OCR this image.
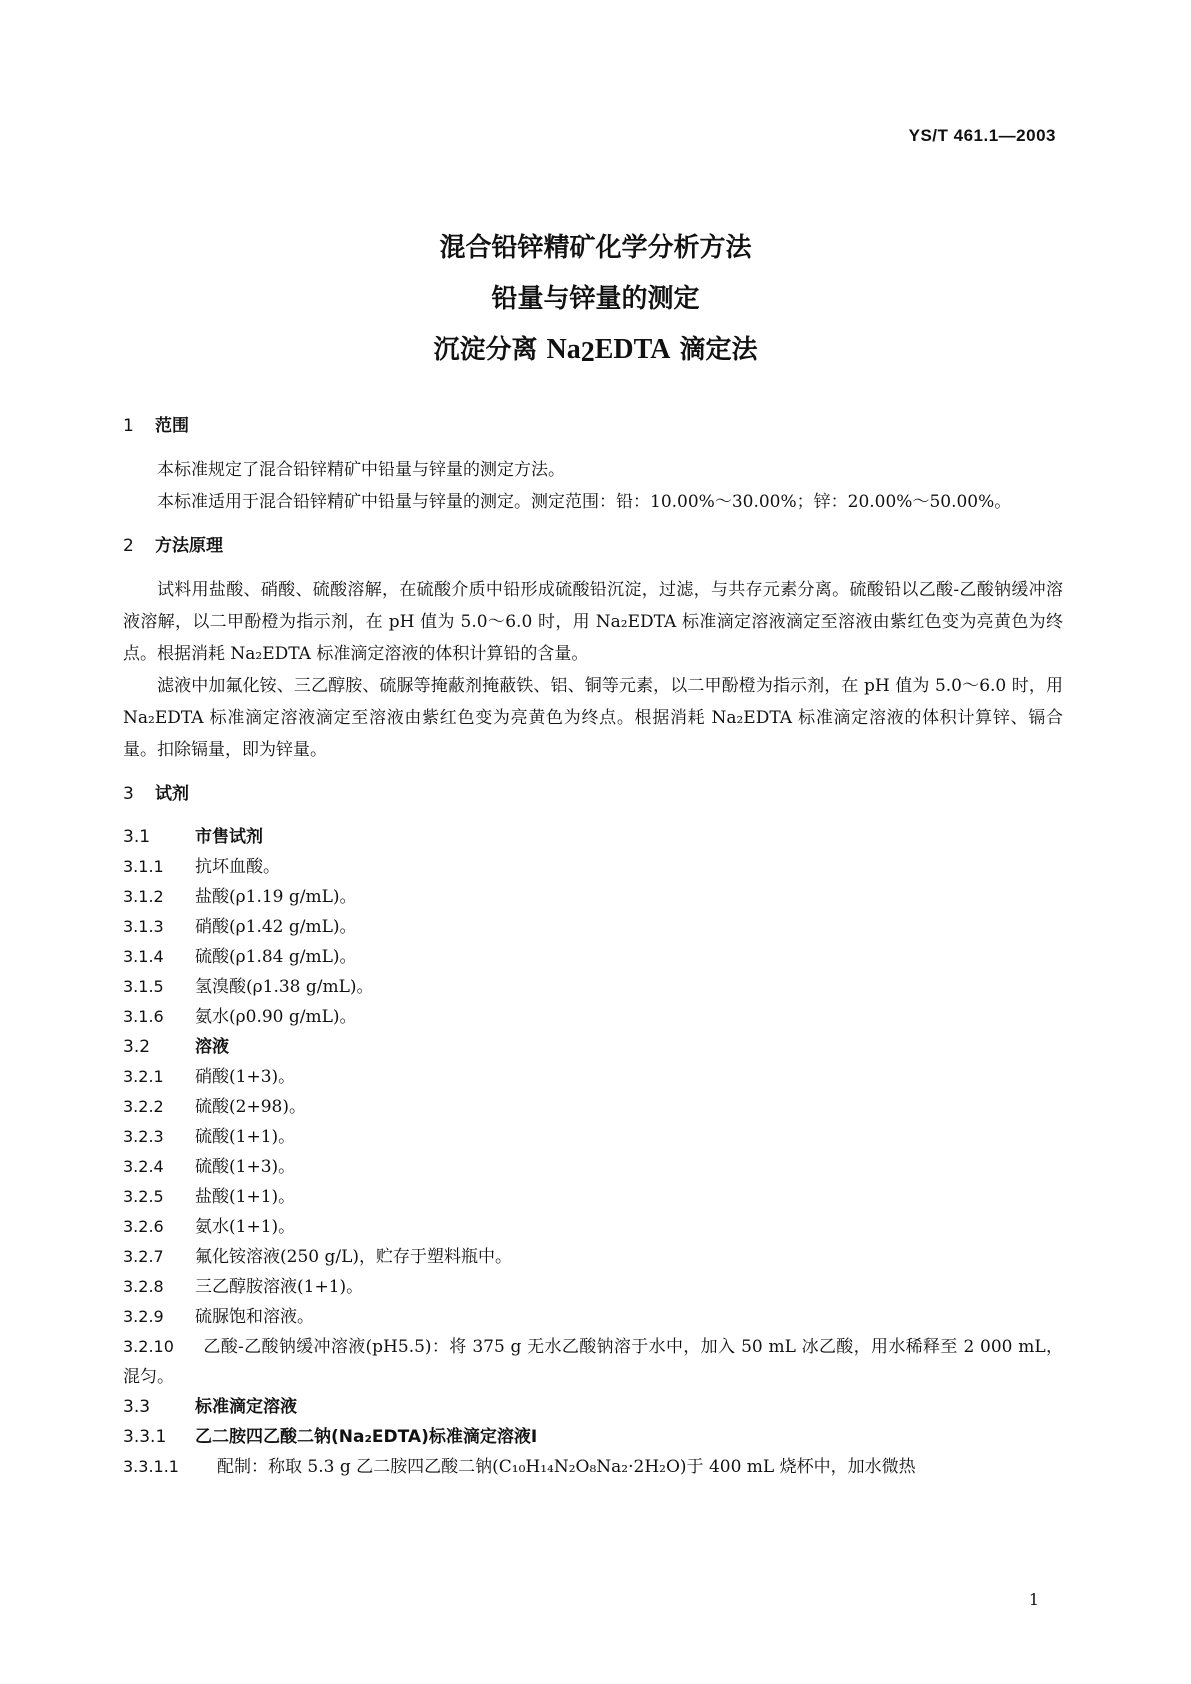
YS/T 461.1—2003
混合铅锌精矿化学分析方法
铅量与锌量的测定
沉淀分离 $Na_2EDTA$ 滴定法
1 范围

本标准规定了混合铅锌精矿中铅量与锌量的测定方法。

本标准适用于混合铅锌精矿中铅量与锌量的测定。测定范围：铅：10.00%～30.00%；锌：20.00%～50.00%。

2 方法原理

试料用盐酸、硝酸、硫酸溶解，在硫酸介质中铅形成硫酸铅沉淀，过滤，与共存元素分离。硫酸铅以乙酸-乙酸钠缓冲溶液溶解，以二甲酚橙为指示剂，在 pH 值为 5.0～6.0 时，用 Na₂EDTA 标准滴定溶液滴定至溶液由紫红色变为亮黄色为终点。根据消耗 Na₂EDTA 标准滴定溶液的体积计算铅的含量。

滤液中加氟化铵、三乙醇胺、硫脲等掩蔽剂掩蔽铁、铝、铜等元素，以二甲酚橙为指示剂，在 pH 值为 5.0～6.0 时，用 Na₂EDTA 标准滴定溶液滴定至溶液由紫红色变为亮黄色为终点。根据消耗 Na₂EDTA 标准滴定溶液的体积计算锌、镉合量。扣除镉量，即为锌量。

3 试剂
3.1	市售试剂

3.1.1 抗坏血酸。

3.1.2 盐酸(ρ1.19 g/mL)。

3.1.3 硝酸(ρ1.42 g/mL)。

3.1.4 硫酸(ρ1.84 g/mL)。

3.1.5 氢溴酸(ρ1.38 g/mL)。

3.1.6 氨水(ρ0.90 g/mL)。

3.2	溶液

3.2.1 硝酸(1+3)。

3.2.2 硫酸(2+98)。

3.2.3 硫酸(1+1)。

3.2.4 硫酸(1+3)。

3.2.5 盐酸(1+1)。

3.2.6 氨水(1+1)。

3.2.7 氟化铵溶液(250 g/L)，贮存于塑料瓶中。

3.2.8 三乙醇胺溶液(1+1)。

3.2.9 硫脲饱和溶液。

3.2.10 乙酸-乙酸钠缓冲溶液(pH5.5)：将 375 g 无水乙酸钠溶于水中，加入 50 mL 冰乙酸，用水稀释至 2 000 mL，混匀。

3.3	标准滴定溶液
3.3.1 乙二胺四乙酸二钠(Na₂EDTA)标准滴定溶液Ⅰ

3.3.1.1 配制：称取 5.3 g 乙二胺四乙酸二钠(C₁₀H₁₄N₂O₈Na₂·2H₂O)于 400 mL 烧杯中，加水微热

1
